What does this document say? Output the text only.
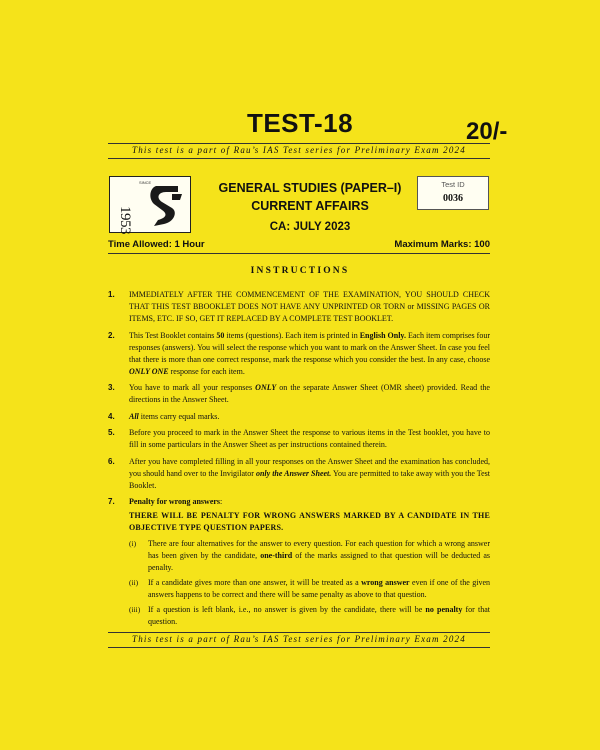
TEST-18	20/-
This test is a part of Rau’s IAS Test series for Preliminary Exam 2024
1953
SINCE	GENERAL STUDIES (PAPER–I)
CURRENT AFFAIRS
CA: JULY 2023
Test ID
0036
Time Allowed: 1 Hour	Maximum Marks: 100
INSTRUCTIONS
1. IMMEDIATELY AFTER THE COMMENCEMENT OF THE EXAMINATION, YOU SHOULD CHECK THAT THIS TEST BBOOKLET DOES NOT HAVE ANY UNPRINTED OR TORN or MISSING PAGES OR ITEMS, ETC. IF SO, GET IT REPLACED BY A COMPLETE TEST BOOKLET.
2. This Test Booklet contains 50 items (questions). Each item is printed in English Only. Each item comprises four responses (answers). You will select the response which you want to mark on the Answer Sheet. In case you feel that there is more than one correct response, mark the response which you consider the best. In any case, choose ONLY ONE response for each item.
3. You have to mark all your responses ONLY on the separate Answer Sheet (OMR sheet) provided. Read the directions in the Answer Sheet.
4. All items carry equal marks.
5. Before you proceed to mark in the Answer Sheet the response to various items in the Test booklet, you have to fill in some particulars in the Answer Sheet as per instructions contained therein.
6. After you have completed filling in all your responses on the Answer Sheet and the examination has concluded, you should hand over to the Invigilator only the Answer Sheet. You are permitted to take away with you the Test Booklet.
7. Penalty for wrong answers:
THERE WILL BE PENALTY FOR WRONG ANSWERS MARKED BY A CANDIDATE IN THE OBJECTIVE TYPE QUESTION PAPERS.
(i) There are four alternatives for the answer to every question. For each question for which a wrong answer has been given by the candidate, one-third of the marks assigned to that question will be deducted as penalty.
(ii) If a candidate gives more than one answer, it will be treated as a wrong answer even if one of the given answers happens to be correct and there will be same penalty as above to that question.
(iii) If a question is left blank, i.e., no answer is given by the candidate, there will be no penalty for that question.
This test is a part of Rau’s IAS Test series for Preliminary Exam 2024
